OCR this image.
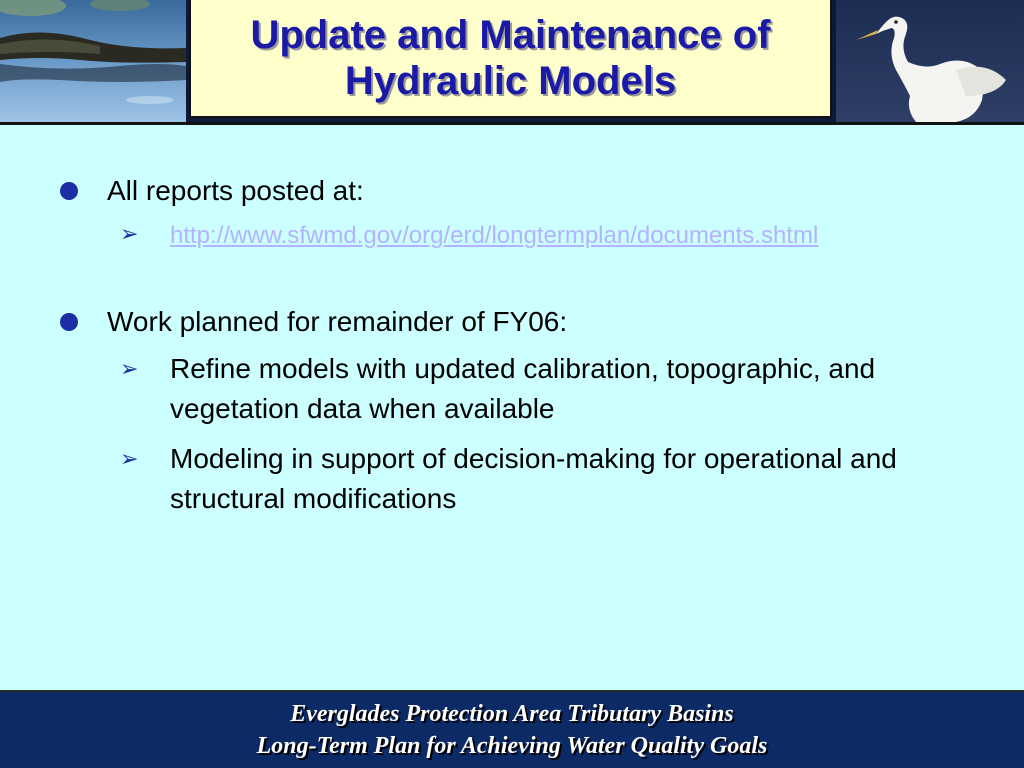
Update and Maintenance of
Hydraulic Models
All reports posted at:
➢ http://www.sfwmd.gov/org/erd/longtermplan/documents.shtml
Work planned for remainder of FY06:
➢ Refine models with updated calibration, topographic, and vegetation data when available
➢ Modeling in support of decision-making for operational and structural modifications
Everglades Protection Area Tributary Basins
Long-Term Plan for Achieving Water Quality Goals
